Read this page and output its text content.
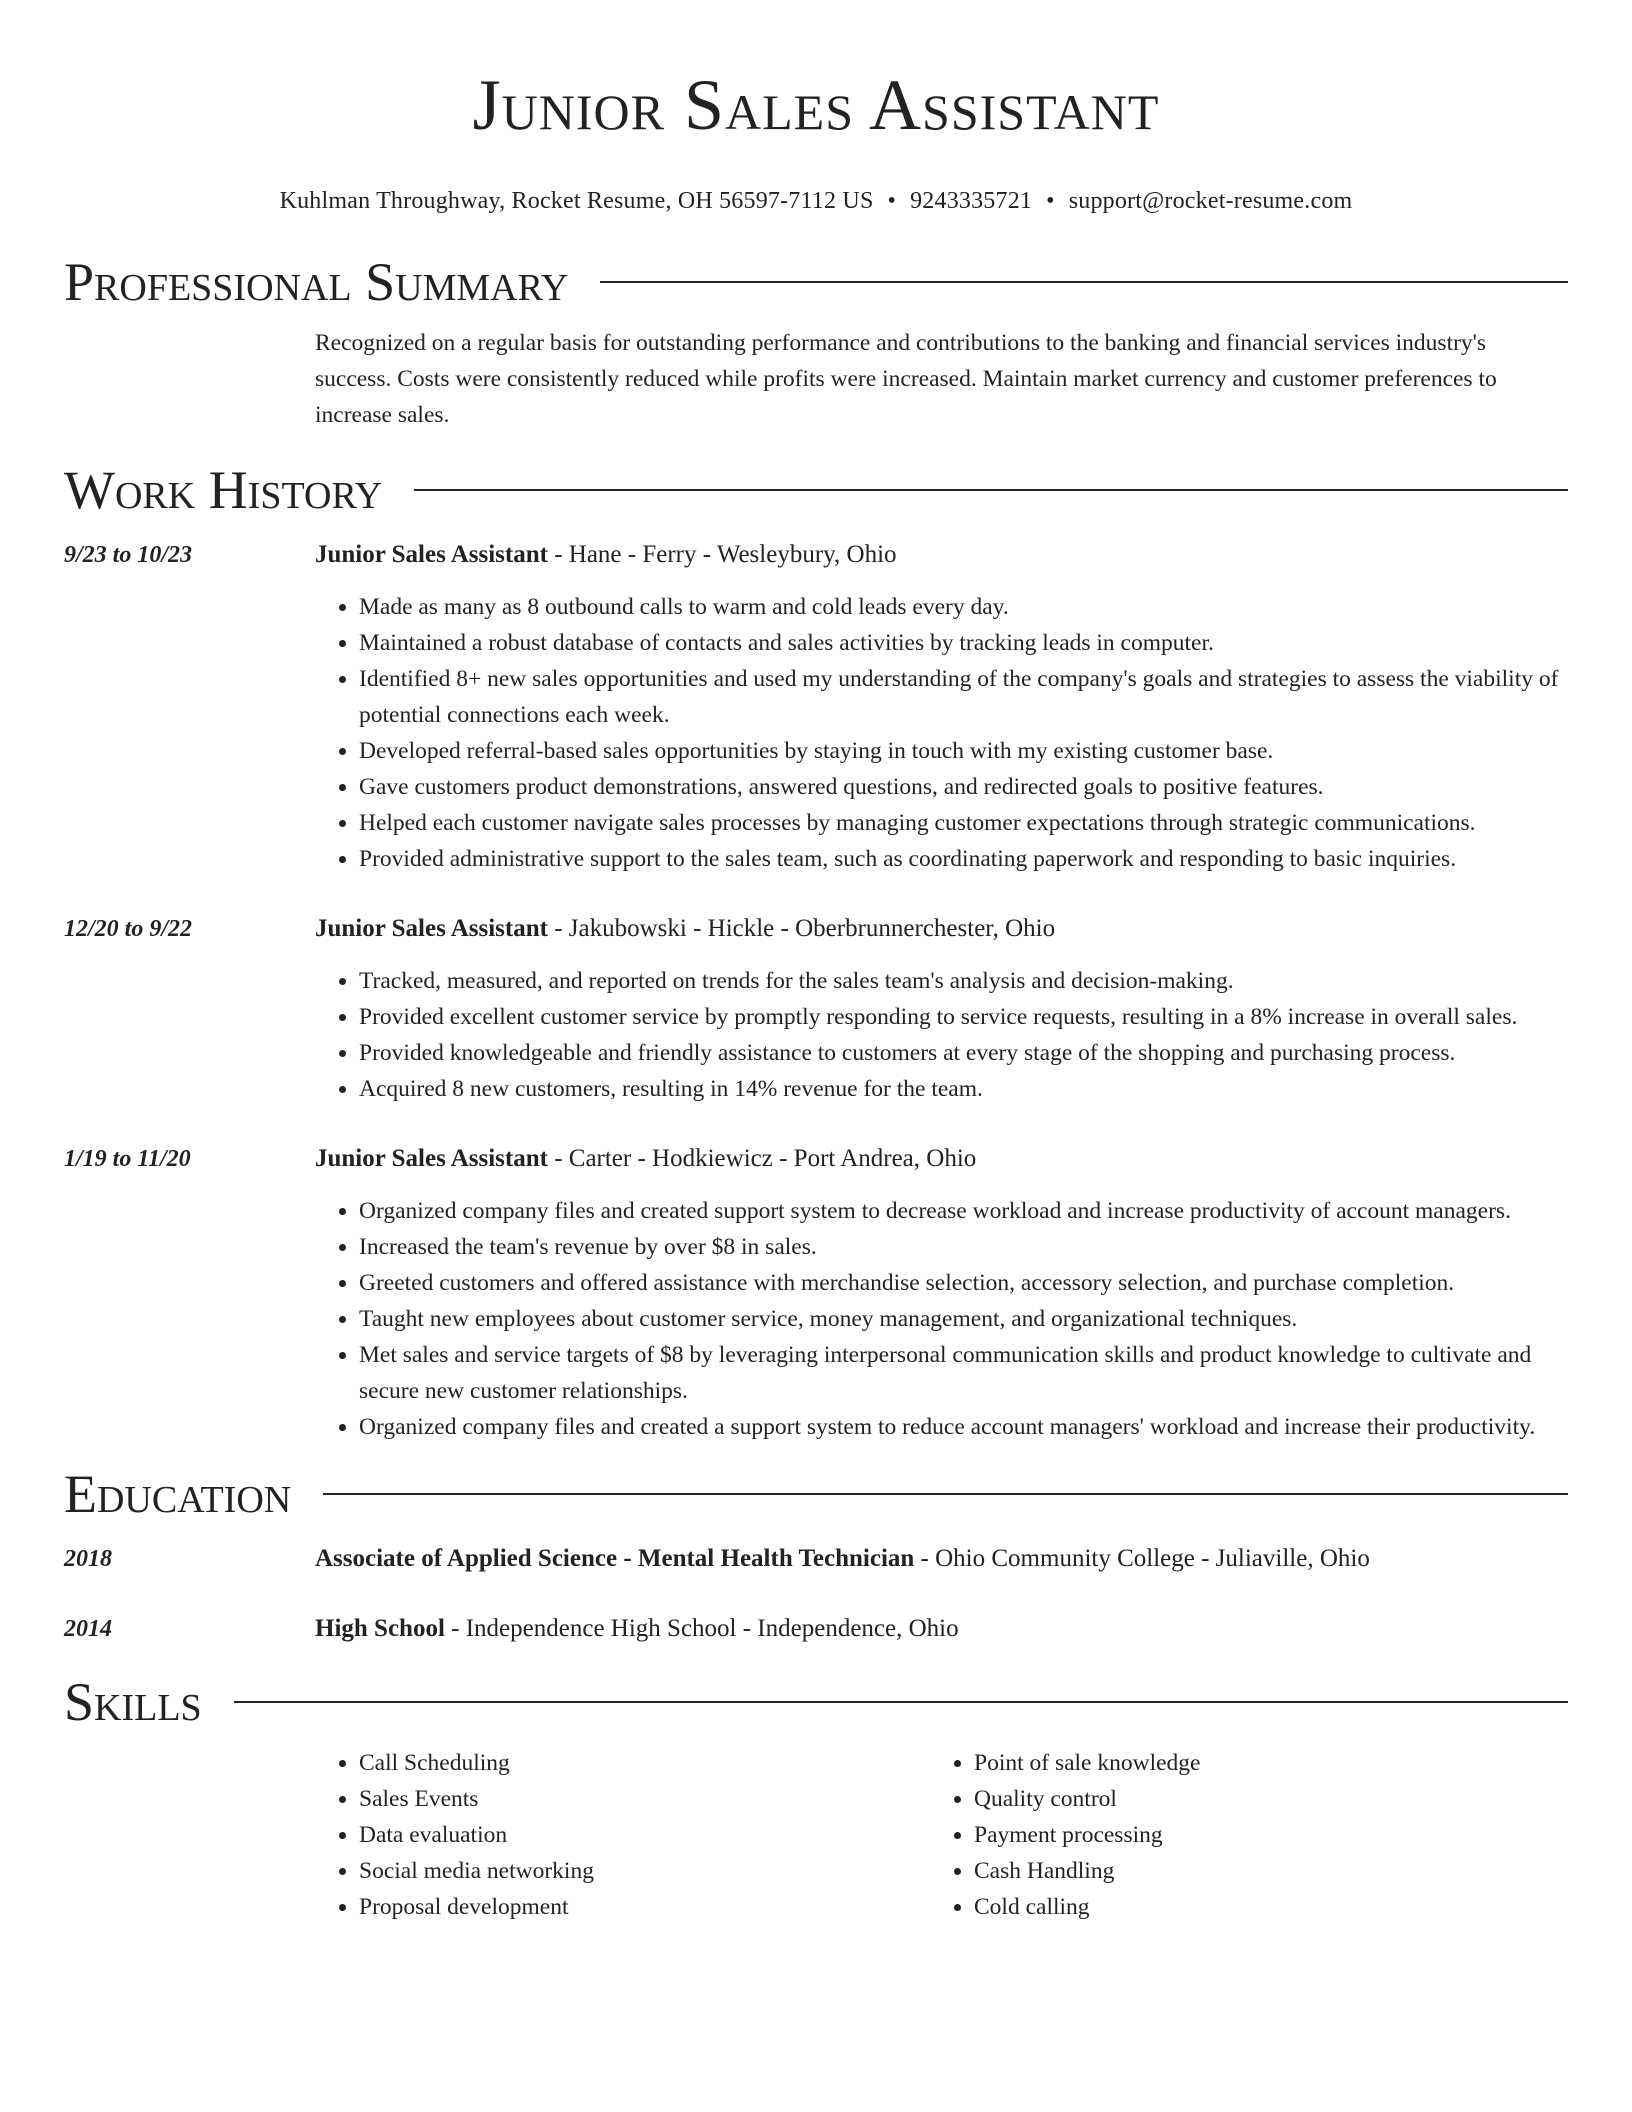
Junior Sales Assistant
Kuhlman Throughway, Rocket Resume, OH 56597-7112 US • 9243335721 • support@rocket-resume.com
Professional Summary

Recognized on a regular basis for outstanding performance and contributions to the banking and financial services industry's success. Costs were consistently reduced while profits were increased. Maintain market currency and customer preferences to increase sales.

Work History
9/23 to 10/23	Junior Sales Assistant - Hane - Ferry - Wesleybury, Ohio
• Made as many as 8 outbound calls to warm and cold leads every day.
• Maintained a robust database of contacts and sales activities by tracking leads in computer.
• Identified 8+ new sales opportunities and used my understanding of the company's goals and strategies to assess the viability of potential connections each week.
• Developed referral-based sales opportunities by staying in touch with my existing customer base.
• Gave customers product demonstrations, answered questions, and redirected goals to positive features.
• Helped each customer navigate sales processes by managing customer expectations through strategic communications.
• Provided administrative support to the sales team, such as coordinating paperwork and responding to basic inquiries.
12/20 to 9/22	Junior Sales Assistant - Jakubowski - Hickle - Oberbrunnerchester, Ohio
• Tracked, measured, and reported on trends for the sales team's analysis and decision-making.
• Provided excellent customer service by promptly responding to service requests, resulting in a 8% increase in overall sales.
• Provided knowledgeable and friendly assistance to customers at every stage of the shopping and purchasing process.
• Acquired 8 new customers, resulting in 14% revenue for the team.
1/19 to 11/20	Junior Sales Assistant - Carter - Hodkiewicz - Port Andrea, Ohio
• Organized company files and created support system to decrease workload and increase productivity of account managers.
• Increased the team's revenue by over $8 in sales.
• Greeted customers and offered assistance with merchandise selection, accessory selection, and purchase completion.
• Taught new employees about customer service, money management, and organizational techniques.
• Met sales and service targets of $8 by leveraging interpersonal communication skills and product knowledge to cultivate and secure new customer relationships.
• Organized company files and created a support system to reduce account managers' workload and increase their productivity.
Education
2018	Associate of Applied Science - Mental Health Technician - Ohio Community College - Juliaville, Ohio
2014	High School - Independence High School - Independence, Ohio
Skills
• Call Scheduling
• Sales Events
• Data evaluation
• Social media networking
• Proposal development
• Point of sale knowledge
• Quality control
• Payment processing
• Cash Handling
• Cold calling
